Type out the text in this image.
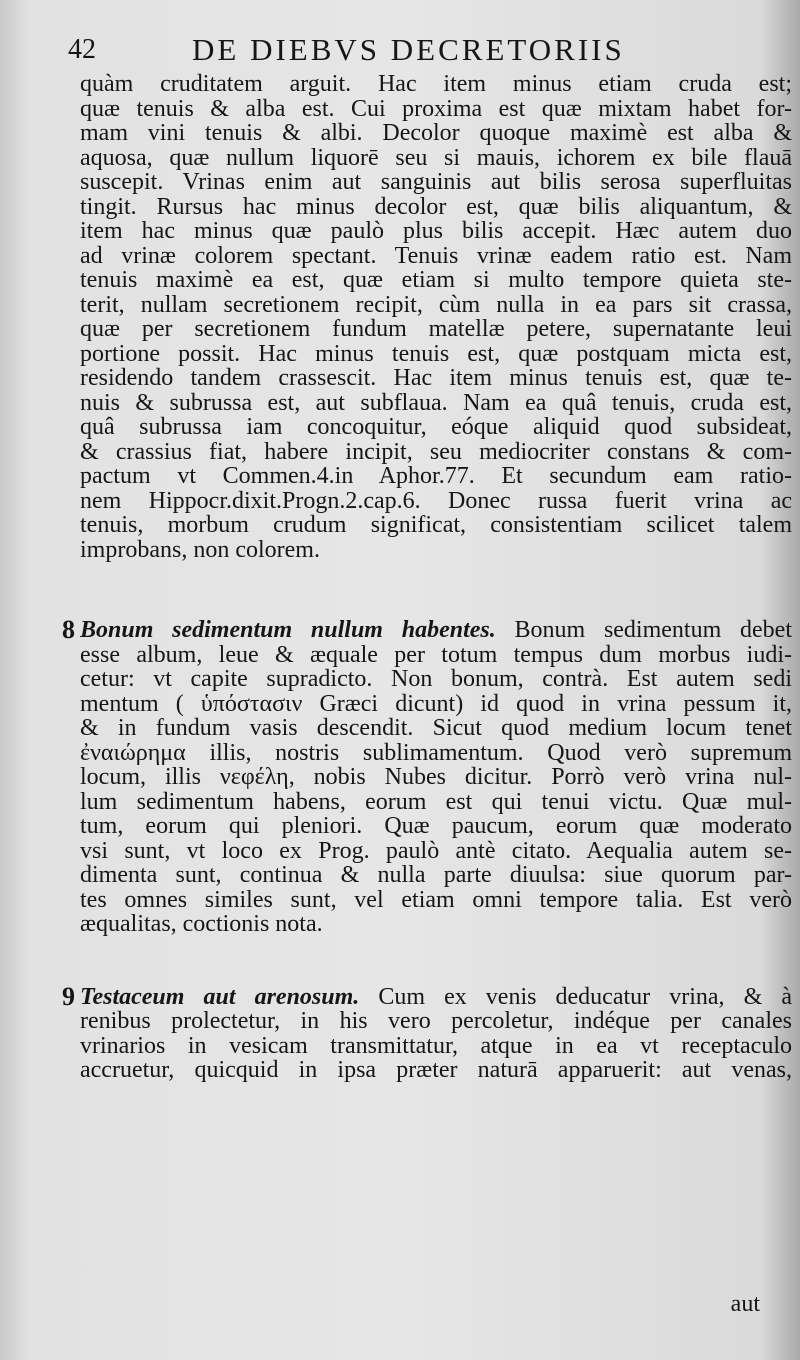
42	DE DIEBVS DECRETORIIS
quàm cruditatem arguit. Hac item minus etiam cruda est;
quæ tenuis & alba est. Cui proxima est quæ mixtam habet for-
mam vini tenuis & albi. Decolor quoque maximè est alba &
aquosa, quæ nullum liquorē seu si mauis, ichorem ex bile flauā
suscepit. Vrinas enim aut sanguinis aut bilis serosa superfluitas
tingit. Rursus hac minus decolor est, quæ bilis aliquantum, &
item hac minus quæ paulò plus bilis accepit. Hæc autem duo
ad vrinæ colorem spectant. Tenuis vrinæ eadem ratio est. Nam
tenuis maximè ea est, quæ etiam si multo tempore quieta ste-
terit, nullam secretionem recipit, cùm nulla in ea pars sit crassa,
quæ per secretionem fundum matellæ petere, supernatante leui
portione possit. Hac minus tenuis est, quæ postquam micta est,
residendo tandem crassescit. Hac item minus tenuis est, quæ te-
nuis & subrussa est, aut subflaua. Nam ea quâ tenuis, cruda est,
quâ subrussa iam concoquitur, eóque aliquid quod subsideat,
& crassius fiat, habere incipit, seu mediocriter constans & com-
pactum vt Commen.4.in Aphor.77. Et secundum eam ratio-
nem Hippocr.dixit.Progn.2.cap.6. Donec russa fuerit vrina ac
tenuis, morbum crudum significat, consistentiam scilicet talem
improbans, non colorem.
8 Bonum sedimentum nullum habentes. Bonum sedimentum debet
esse album, leue & æquale per totum tempus dum morbus iudi-
cetur: vt capite supradicto. Non bonum, contrà. Est autem sedi
mentum ( ὑπόστασιν Græci dicunt) id quod in vrina pessum it,
& in fundum vasis descendit. Sicut quod medium locum tenet
ἐναιώρημα illis, nostris sublimamentum. Quod verò supremum
locum, illis νεφέλη, nobis Nubes dicitur. Porrò verò vrina nul-
lum sedimentum habens, eorum est qui tenui victu. Quæ mul-
tum, eorum qui pleniori. Quæ paucum, eorum quæ moderato
vsi sunt, vt loco ex Prog. paulò antè citato. Aequalia autem se-
dimenta sunt, continua & nulla parte diuulsa: siue quorum par-
tes omnes similes sunt, vel etiam omni tempore talia. Est verò
æqualitas, coctionis nota.
9 Testaceum aut arenosum. Cum ex venis deducatur vrina, & à
renibus prolectetur, in his vero percoletur, indéque per canales
vrinarios in vesicam transmittatur, atque in ea vt receptaculo
accruetur, quicquid in ipsa præter naturā apparuerit: aut venas,
aut
